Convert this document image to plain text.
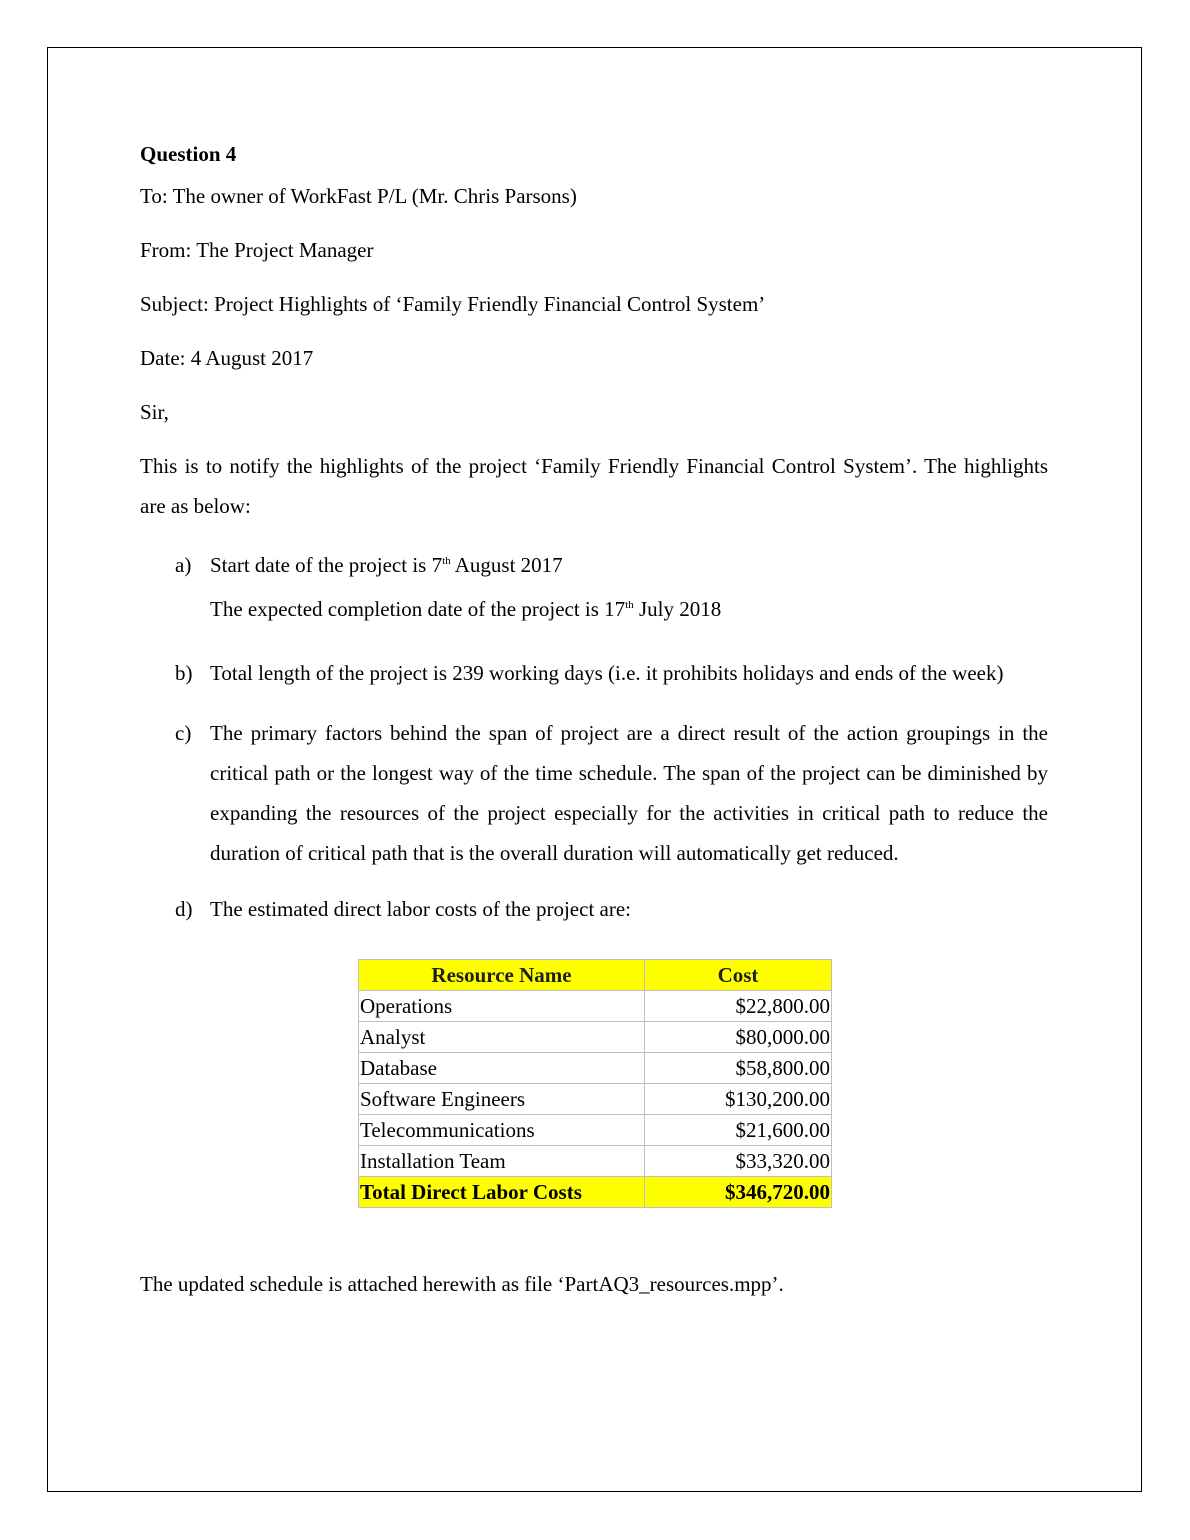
Question 4

To: The owner of WorkFast P/L (Mr. Chris Parsons)

From: The Project Manager

Subject: Project Highlights of ‘Family Friendly Financial Control System’

Date: 4 August 2017

Sir,

This is to notify the highlights of the project ‘Family Friendly Financial Control System’. The highlights are as below:

a) Start date of the project is 7th August 2017
The expected completion date of the project is 17th July 2018
b) Total length of the project is 239 working days (i.e. it prohibits holidays and ends of the week)
c) The primary factors behind the span of project are a direct result of the action groupings in the critical path or the longest way of the time schedule. The span of the project can be diminished by expanding the resources of the project especially for the activities in critical path to reduce the duration of critical path that is the overall duration will automatically get reduced.
d) The estimated direct labor costs of the project are:
Resource Name	Cost
Operations	$22,800.00
Analyst	$80,000.00
Database	$58,800.00
Software Engineers	$130,200.00
Telecommunications	$21,600.00
Installation Team	$33,320.00
Total Direct Labor Costs	$346,720.00

The updated schedule is attached herewith as file ‘PartAQ3_resources.mpp’.
